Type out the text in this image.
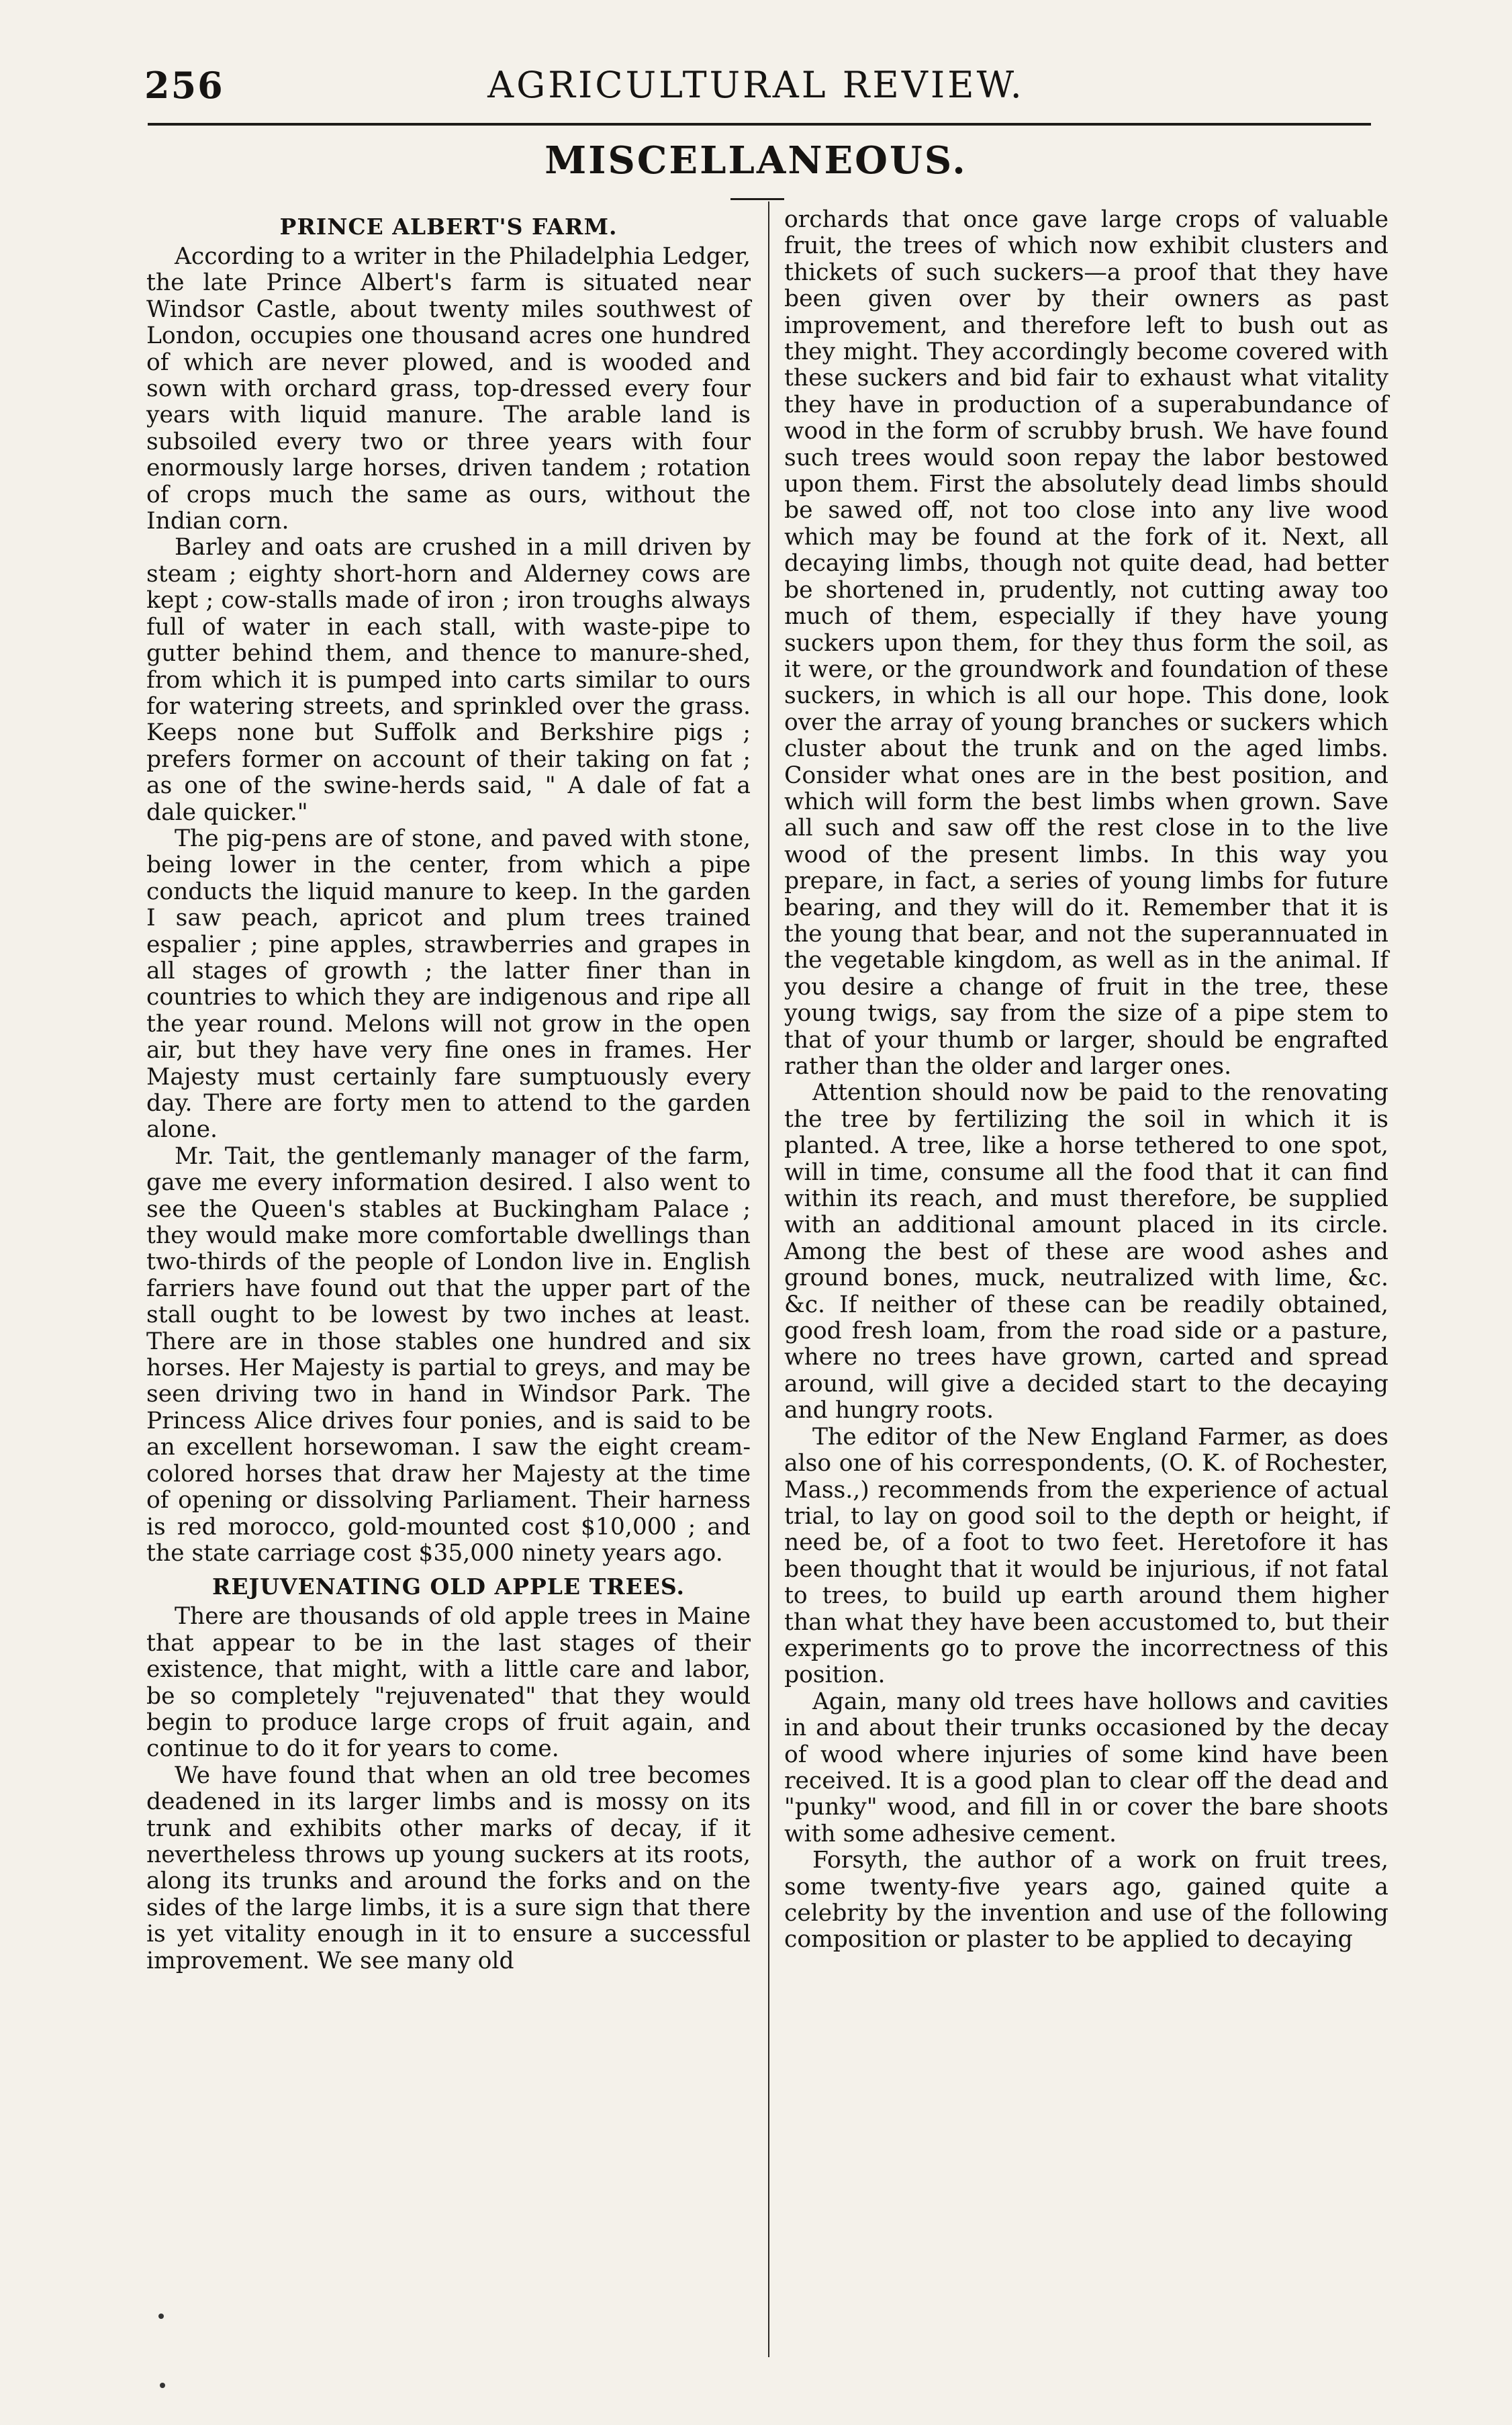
256	AGRICULTURAL REVIEW.
MISCELLANEOUS.
PRINCE ALBERT'S FARM.

According to a writer in the Philadelphia Ledger, the late Prince Albert's farm is situated near Windsor Castle, about twenty miles southwest of London, occupies one thousand acres one hundred of which are never plowed, and is wooded and sown with orchard grass, top-dressed every four years with liquid manure. The arable land is subsoiled every two or three years with four enormously large horses, driven tandem ; rotation of crops much the same as ours, without the Indian corn.

Barley and oats are crushed in a mill driven by steam ; eighty short-horn and Alderney cows are kept ; cow-stalls made of iron ; iron troughs always full of water in each stall, with waste-pipe to gutter behind them, and thence to manure-shed, from which it is pumped into carts similar to ours for watering streets, and sprinkled over the grass. Keeps none but Suffolk and Berkshire pigs ; prefers former on account of their taking on fat ; as one of the swine-herds said, " A dale of fat a dale quicker."

The pig-pens are of stone, and paved with stone, being lower in the center, from which a pipe conducts the liquid manure to keep. In the garden I saw peach, apricot and plum trees trained espalier ; pine apples, strawberries and grapes in all stages of growth ; the latter finer than in countries to which they are indigenous and ripe all the year round. Melons will not grow in the open air, but they have very fine ones in frames. Her Majesty must certainly fare sumptuously every day. There are forty men to attend to the garden alone.

Mr. Tait, the gentlemanly manager of the farm, gave me every information desired. I also went to see the Queen's stables at Buckingham Palace ; they would make more comfortable dwellings than two-thirds of the people of London live in. English farriers have found out that the upper part of the stall ought to be lowest by two inches at least. There are in those stables one hundred and six horses. Her Majesty is partial to greys, and may be seen driving two in hand in Windsor Park. The Princess Alice drives four ponies, and is said to be an excellent horsewoman. I saw the eight cream-colored horses that draw her Majesty at the time of opening or dissolving Parliament. Their harness is red morocco, gold-mounted cost $10,000 ; and the state carriage cost $35,000 ninety years ago.

REJUVENATING OLD APPLE TREES.

There are thousands of old apple trees in Maine that appear to be in the last stages of their existence, that might, with a little care and labor, be so completely "rejuvenated" that they would begin to produce large crops of fruit again, and continue to do it for years to come.

We have found that when an old tree becomes deadened in its larger limbs and is mossy on its trunk and exhibits other marks of decay, if it nevertheless throws up young suckers at its roots, along its trunks and around the forks and on the sides of the large limbs, it is a sure sign that there is yet vitality enough in it to ensure a successful improvement. We see many old

orchards that once gave large crops of valuable fruit, the trees of which now exhibit clusters and thickets of such suckers—a proof that they have been given over by their owners as past improvement, and therefore left to bush out as they might. They accordingly become covered with these suckers and bid fair to exhaust what vitality they have in production of a superabundance of wood in the form of scrubby brush. We have found such trees would soon repay the labor bestowed upon them. First the absolutely dead limbs should be sawed off, not too close into any live wood which may be found at the fork of it. Next, all decaying limbs, though not quite dead, had better be shortened in, prudently, not cutting away too much of them, especially if they have young suckers upon them, for they thus form the soil, as it were, or the groundwork and foundation of these suckers, in which is all our hope. This done, look over the array of young branches or suckers which cluster about the trunk and on the aged limbs. Consider what ones are in the best position, and which will form the best limbs when grown. Save all such and saw off the rest close in to the live wood of the present limbs. In this way you prepare, in fact, a series of young limbs for future bearing, and they will do it. Remember that it is the young that bear, and not the superannuated in the vegetable kingdom, as well as in the animal. If you desire a change of fruit in the tree, these young twigs, say from the size of a pipe stem to that of your thumb or larger, should be engrafted rather than the older and larger ones.

Attention should now be paid to the renovating the tree by fertilizing the soil in which it is planted. A tree, like a horse tethered to one spot, will in time, consume all the food that it can find within its reach, and must therefore, be supplied with an additional amount placed in its circle. Among the best of these are wood ashes and ground bones, muck, neutralized with lime, &c. &c. If neither of these can be readily obtained, good fresh loam, from the road side or a pasture, where no trees have grown, carted and spread around, will give a decided start to the decaying and hungry roots.

The editor of the New England Farmer, as does also one of his correspondents, (O. K. of Rochester, Mass.,) recommends from the experience of actual trial, to lay on good soil to the depth or height, if need be, of a foot to two feet. Heretofore it has been thought that it would be injurious, if not fatal to trees, to build up earth around them higher than what they have been accustomed to, but their experiments go to prove the incorrectness of this position.

Again, many old trees have hollows and cavities in and about their trunks occasioned by the decay of wood where injuries of some kind have been received. It is a good plan to clear off the dead and "punky" wood, and fill in or cover the bare shoots with some adhesive cement.

Forsyth, the author of a work on fruit trees, some twenty-five years ago, gained quite a celebrity by the invention and use of the following composition or plaster to be applied to decaying
